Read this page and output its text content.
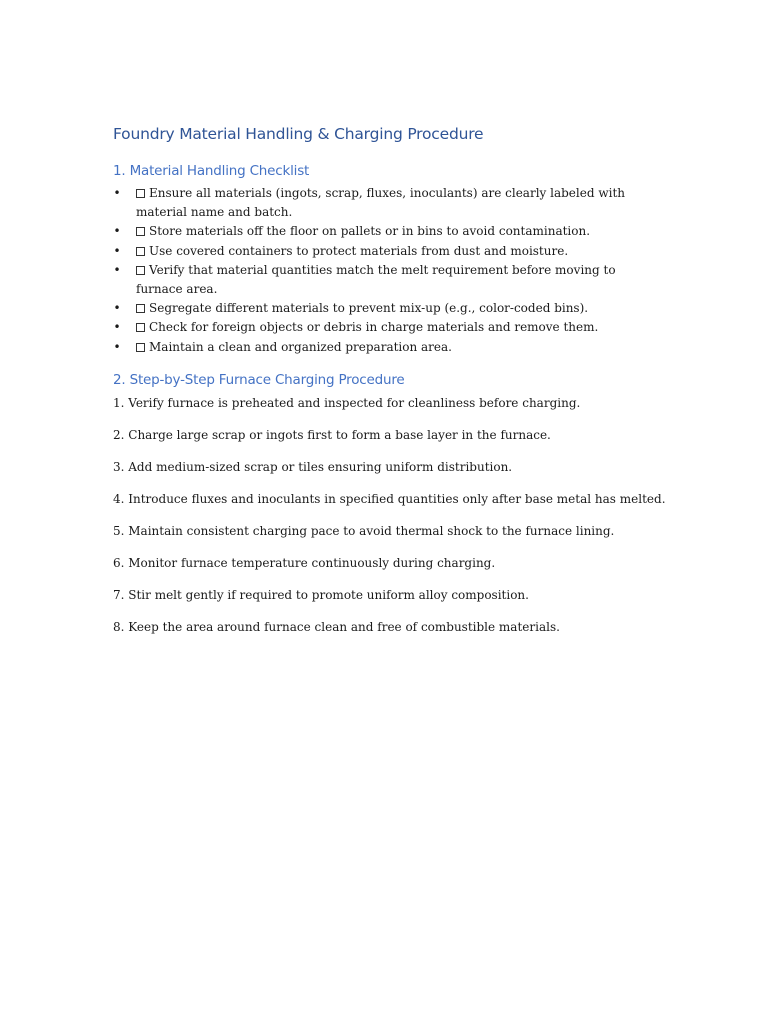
Foundry Material Handling & Charging Procedure
1. Material Handling Checklist
• Ensure all materials (ingots, scrap, fluxes, inoculants) are clearly labeled with material name and batch.
• Store materials off the floor on pallets or in bins to avoid contamination.
• Use covered containers to protect materials from dust and moisture.
• Verify that material quantities match the melt requirement before moving to furnace area.
• Segregate different materials to prevent mix-up (e.g., color-coded bins).
• Check for foreign objects or debris in charge materials and remove them.
• Maintain a clean and organized preparation area.
2. Step-by-Step Furnace Charging Procedure

1. Verify furnace is preheated and inspected for cleanliness before charging.

2. Charge large scrap or ingots first to form a base layer in the furnace.

3. Add medium-sized scrap or tiles ensuring uniform distribution.

4. Introduce fluxes and inoculants in specified quantities only after base metal has melted.

5. Maintain consistent charging pace to avoid thermal shock to the furnace lining.

6. Monitor furnace temperature continuously during charging.

7. Stir melt gently if required to promote uniform alloy composition.

8. Keep the area around furnace clean and free of combustible materials.
